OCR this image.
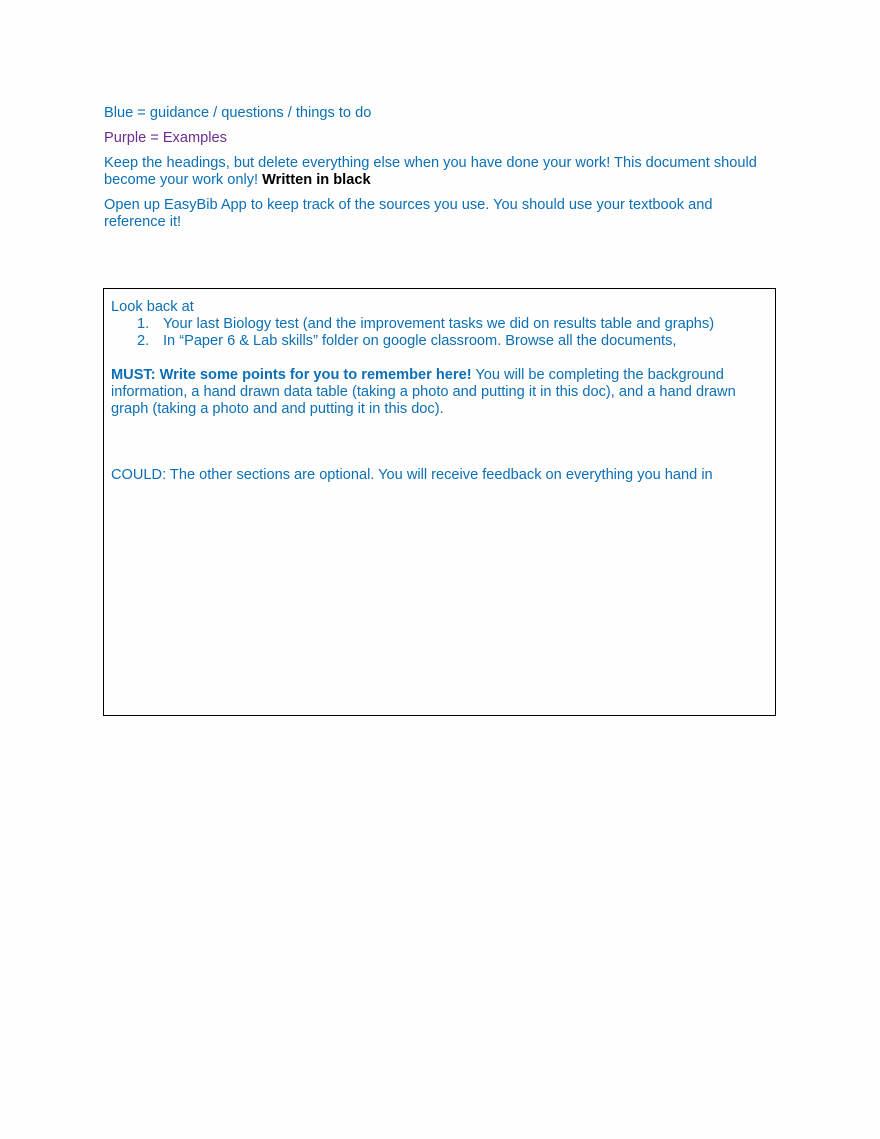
Blue = guidance / questions / things to do

Purple = Examples

Keep the headings, but delete everything else when you have done your work! This document should become your work only! Written in black

Open up EasyBib App to keep track of the sources you use. You should use your textbook and reference it!

Look back at

1. Your last Biology test (and the improvement tasks we did on results table and graphs)
2. In “Paper 6 & Lab skills” folder on google classroom. Browse all the documents,

MUST: Write some points for you to remember here! You will be completing the background information, a hand drawn data table (taking a photo and putting it in this doc), and a hand drawn graph (taking a photo and and putting it in this doc).

COULD: The other sections are optional. You will receive feedback on everything you hand in
